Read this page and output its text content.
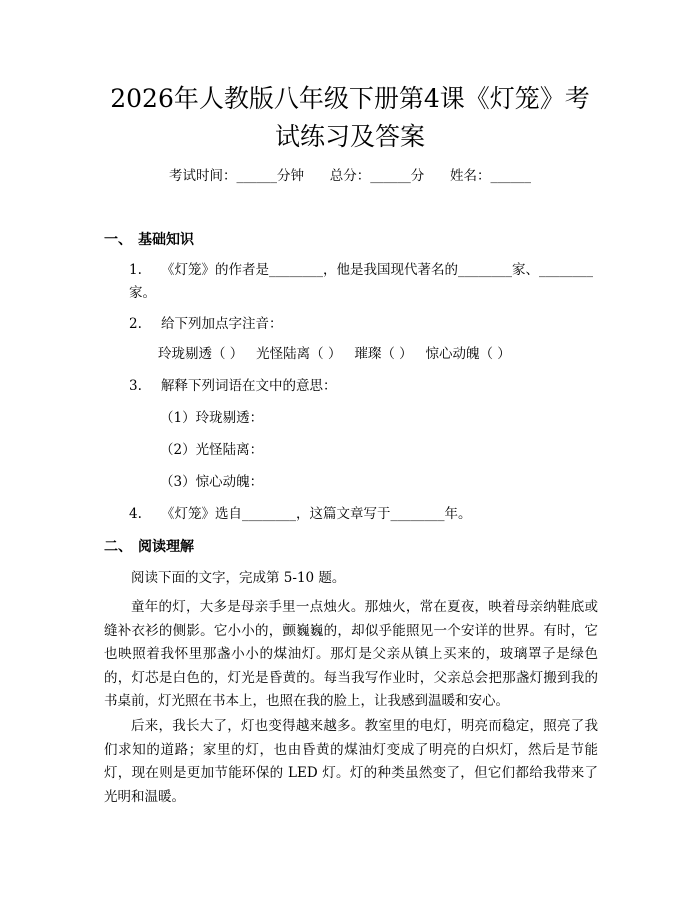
2026年人教版八年级下册第4课《灯笼》考试练习及答案
考试时间：______分钟      总分：______分      姓名：______
一、 基础知识
1. 《灯笼》的作者是________，他是我国现代著名的________家、________家。
2. 给下列加点字注音：
玲珑剔透（ ）   光怪陆离（ ）   璀璨（ ）   惊心动魄（ ）
3. 解释下列词语在文中的意思：
（1）玲珑剔透：
（2）光怪陆离：
（3）惊心动魄：
4. 《灯笼》选自________，这篇文章写于________年。
二、 阅读理解
阅读下面的文字，完成第 5-10 题。

童年的灯，大多是母亲手里一点烛火。那烛火，常在夏夜，映着母亲纳鞋底或缝补衣衫的侧影。它小小的，颤巍巍的，却似乎能照见一个安详的世界。有时，它也映照着我怀里那盏小小的煤油灯。那灯是父亲从镇上买来的，玻璃罩子是绿色的，灯芯是白色的，灯光是昏黄的。每当我写作业时，父亲总会把那盏灯搬到我的书桌前，灯光照在书本上，也照在我的脸上，让我感到温暖和安心。

后来，我长大了，灯也变得越来越多。教室里的电灯，明亮而稳定，照亮了我们求知的道路；家里的灯，也由昏黄的煤油灯变成了明亮的白炽灯，然后是节能灯，现在则是更加节能环保的 LED 灯。灯的种类虽然变了，但它们都给我带来了光明和温暖。
